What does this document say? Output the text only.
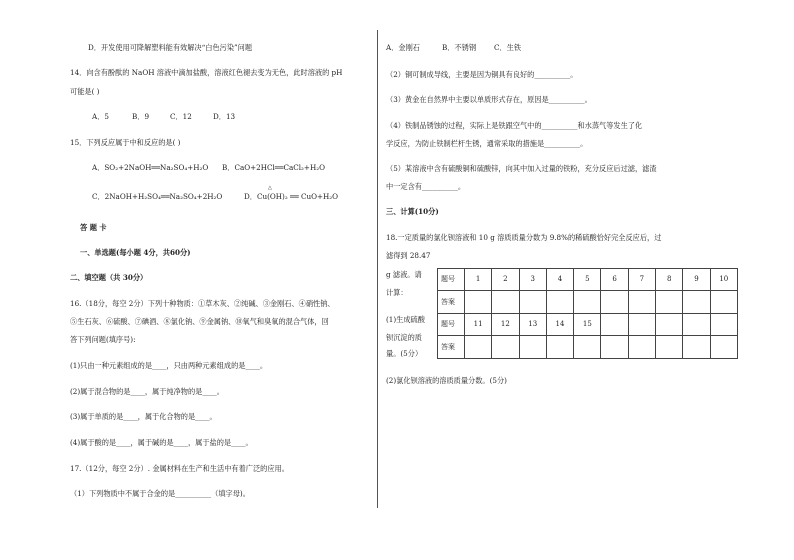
D．开发使用可降解塑料能有效解决“白色污染”问题
14．向含有酚酞的 NaOH 溶液中滴加盐酸，溶液红色褪去变为无色，此时溶液的 pH
可能是( )
A．5	B．9	C．12	D．13
15．下列反应属于中和反应的是( )
A．SO₂+2NaOH══Na₂SO₄+H₂O B．CaO+2HCl══CaCl₂+H₂O
C．2NaOH+H₂SO₄══Na₂SO₄+2H₂O
△
D．Cu(OH)₂ ══ CuO+H₂O
答 题 卡
一、单选题(每小题 4分，共60分)
二、填空题（共 30分）
16.（18分，每空 2分）下列十种物质：①草木灰、②纯碱、③金刚石、④硝性钠、
⑤生石灰、⑥硫酸、⑦碘酒、⑧氯化钠、⑨金属钠、⑩氧气和臭氧的混合气体，回
答下列问题(填序号):
(1)只由一种元素组成的是____，只由两种元素组成的是____。
(2)属于混合物的是____，属于纯净物的是____。
(3)属于单质的是____，属于化合物的是____。
(4)属于酸的是____，属于碱的是____，属于盐的是____。
17.（12分，每空 2分）. 金属材料在生产和生活中有着广泛的应用。
（1）下列物质中不属于合金的是__________（填字母)。
A．金刚石	B．不锈钢 C．生铁
（2）铜可制成导线，主要是因为铜具有良好的__________。
（3）黄金在自然界中主要以单质形式存在，原因是__________。
（4）铁制品锈蚀的过程，实际上是铁跟空气中的__________和水蒸气等发生了化
学反应，为防止铁制栏杆生锈，通常采取的措施是__________。
（5）某溶液中含有硫酸铜和硫酸锌，向其中加入过量的铁粉，充分反应后过滤，滤渣
中一定含有__________。
三、计算(10分)
18.一定质量的氯化钡溶液和 10 g 溶质质量分数为 9.8%的稀硫酸恰好完全反应后，过
滤得到 28.47
g 滤液。请
计算：
(1)生成硫酸
钡沉淀的质
量。(5分）
(2)氯化钡溶液的溶质质量分数。(5分)
题号	1	2	3	4	5	6	7	8	9	10
答案										
题号	11	12	13	14	15					
答案										
